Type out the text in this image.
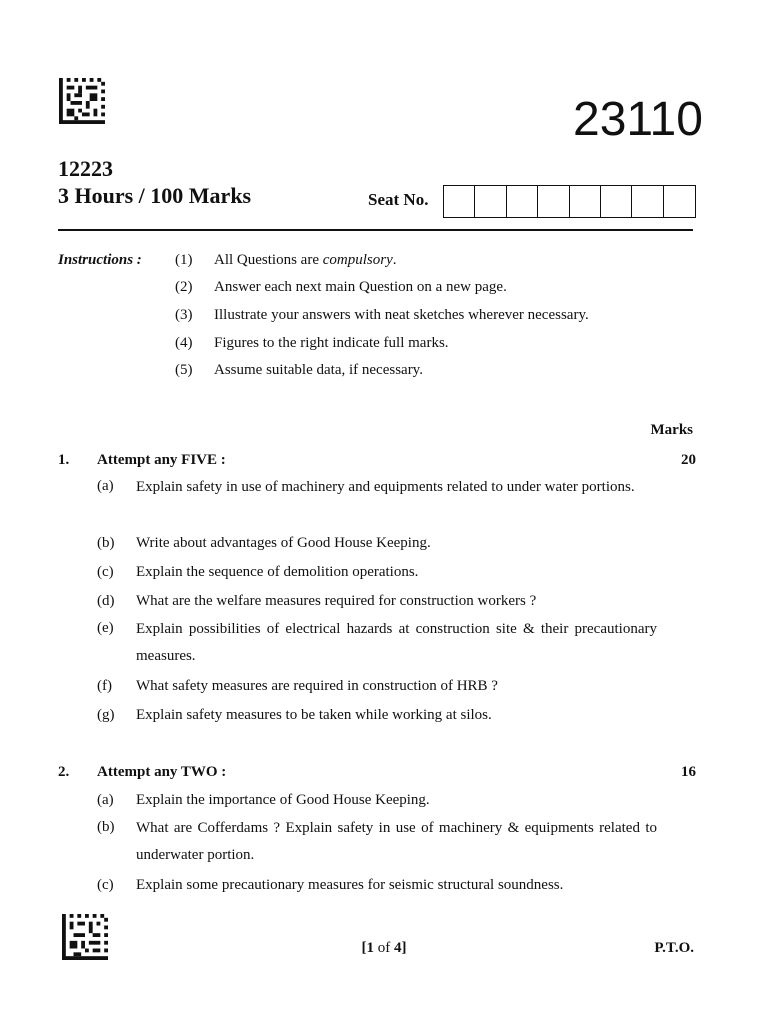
23110
12223
3 Hours / 100 Marks	Seat No.
Instructions : (1)	All Questions are compulsory.
(2)	Answer each next main Question on a new page.
(3)	Illustrate your answers with neat sketches wherever necessary.
(4)	Figures to the right indicate full marks.
(5)	Assume suitable data, if necessary.
Marks
1.	Attempt any FIVE :	20
(a)	Explain safety in use of machinery and equipments related to under water portions.
(b)	Write about advantages of Good House Keeping.
(c)	Explain the sequence of demolition operations.
(d)	What are the welfare measures required for construction workers ?
(e)	Explain possibilities of electrical hazards at construction site & their precautionary measures.
(f)	What safety measures are required in construction of HRB ?
(g)	Explain safety measures to be taken while working at silos.
2.	Attempt any TWO :	16
(a)	Explain the importance of Good House Keeping.
(b)	What are Cofferdams ? Explain safety in use of machinery & equipments related to underwater portion.
(c)	Explain some precautionary measures for seismic structural soundness.
[1 of 4]	P.T.O.
